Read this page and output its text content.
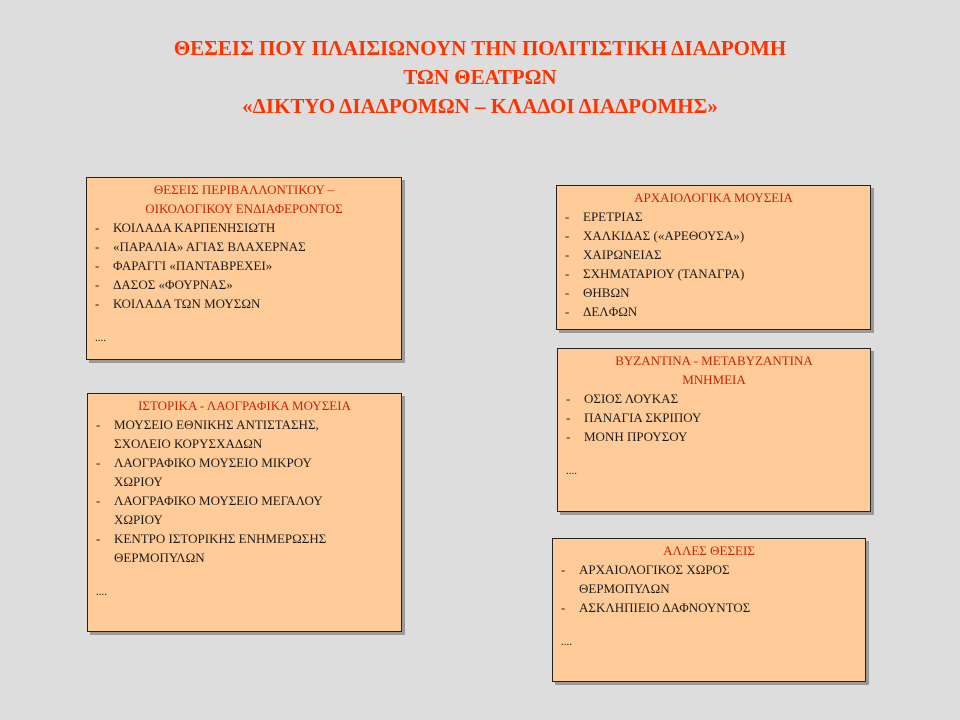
ΘΕΣΕΙΣ ΠΟΥ ΠΛΑΙΣΙΩΝΟΥΝ ΤΗΝ ΠΟΛΙΤΙΣΤΙΚΗ ΔΙΑΔΡΟΜΗ
ΤΩΝ ΘΕΑΤΡΩΝ
«ΔΙΚΤΥΟ ΔΙΑΔΡΟΜΩΝ – ΚΛΑΔΟΙ ΔΙΑΔΡΟΜΗΣ»
ΘΕΣΕΙΣ ΠΕΡΙΒΑΛΛΟΝΤΙΚΟΥ –
ΟΙΚΟΛΟΓΙΚΟΥ ΕΝΔΙΑΦΕΡΟΝΤΟΣ
- ΚΟΙΛΑΔΑ ΚΑΡΠΕΝΗΣΙΩΤΗ
- «ΠΑΡΑΛΙΑ» ΑΓΙΑΣ ΒΛΑΧΕΡΝΑΣ
- ΦΑΡΑΓΓΙ «ΠΑΝΤΑΒΡΕΧΕΙ»
- ΔΑΣΟΣ «ΦΟΥΡΝΑΣ»
- ΚΟΙΛΑΔΑ ΤΩΝ ΜΟΥΣΩΝ
....
ΙΣΤΟΡΙΚΑ - ΛΑΟΓΡΑΦΙΚΑ ΜΟΥΣΕΙΑ
- ΜΟΥΣΕΙΟ ΕΘΝΙΚΗΣ ΑΝΤΙΣΤΑΣΗΣ,
ΣΧΟΛΕΙΟ ΚΟΡΥΣΧΑΔΩΝ
- ΛΑΟΓΡΑΦΙΚΟ ΜΟΥΣΕΙΟ ΜΙΚΡΟΥ
ΧΩΡΙΟΥ
- ΛΑΟΓΡΑΦΙΚΟ ΜΟΥΣΕΙΟ ΜΕΓΑΛΟΥ
ΧΩΡΙΟΥ
- ΚΕΝΤΡΟ ΙΣΤΟΡΙΚΗΣ ΕΝΗΜΕΡΩΣΗΣ
ΘΕΡΜΟΠΥΛΩΝ
....
ΑΡΧΑΙΟΛΟΓΙΚΑ ΜΟΥΣΕΙΑ
- ΕΡΕΤΡΙΑΣ
- ΧΑΛΚΙΔΑΣ («ΑΡΕΘΟΥΣΑ»)
- ΧΑΙΡΩΝΕΙΑΣ
- ΣΧΗΜΑΤΑΡΙΟΥ (ΤΑΝΑΓΡΑ)
- ΘΗΒΩΝ
- ΔΕΛΦΩΝ
ΒΥΖΑΝΤΙΝΑ - ΜΕΤΑΒΥΖΑΝΤΙΝΑ
ΜΝΗΜΕΙΑ
- ΟΣΙΟΣ ΛΟΥΚΑΣ
- ΠΑΝΑΓΙΑ ΣΚΡΙΠΟΥ
- ΜΟΝΗ ΠΡΟΥΣΟΥ
....
ΑΛΛΕΣ ΘΕΣΕΙΣ
- ΑΡΧΑΙΟΛΟΓΙΚΟΣ ΧΩΡΟΣ
ΘΕΡΜΟΠΥΛΩΝ
- ΑΣΚΛΗΠΙΕΙΟ ΔΑΦΝΟΥΝΤΟΣ
....
